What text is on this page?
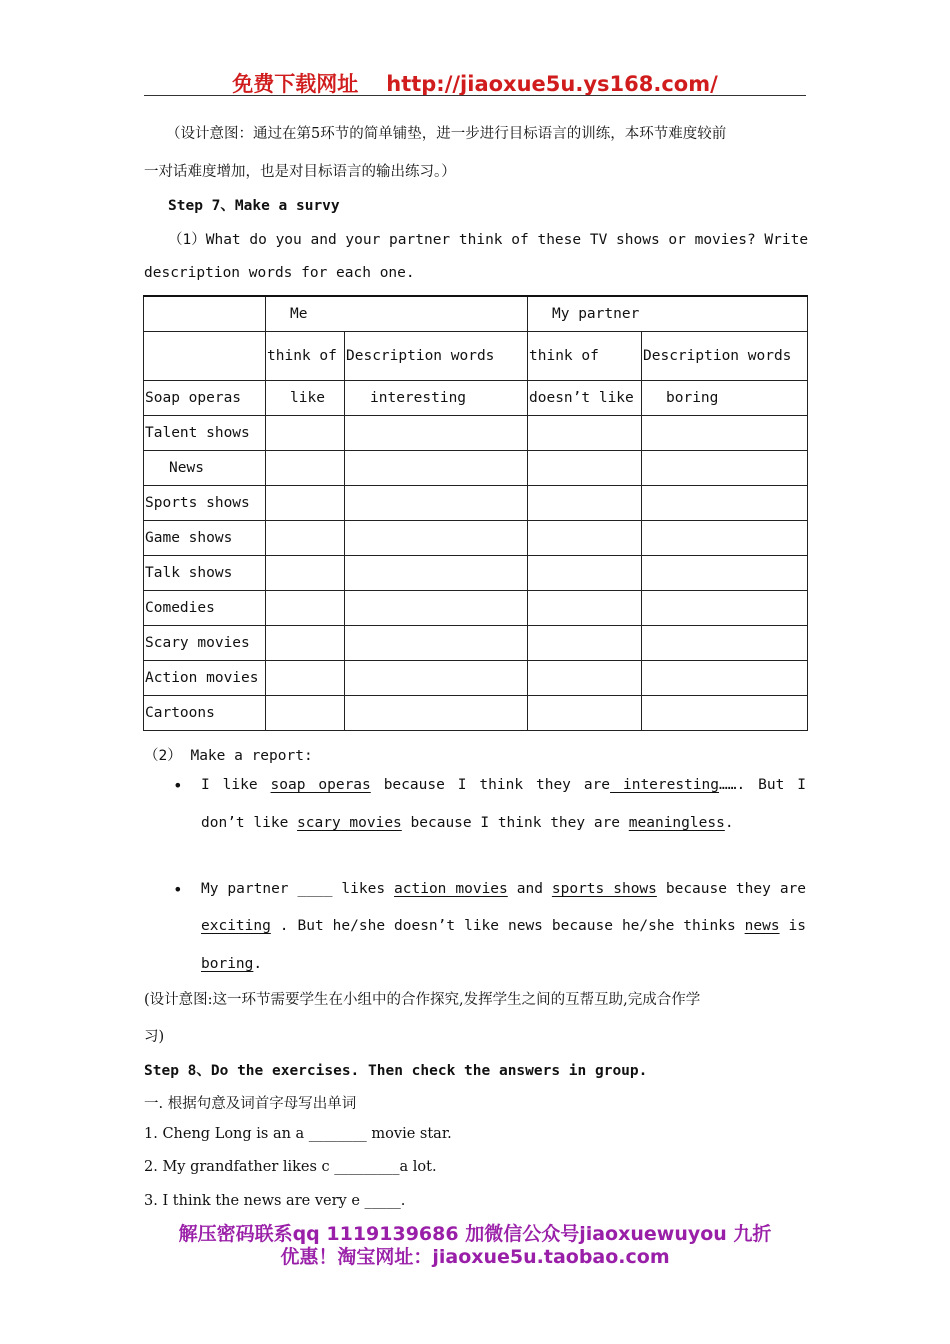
免费下载网址 http://jiaoxue5u.ys168.com/
（设计意图：通过在第5环节的简单铺垫，进一步进行目标语言的训练，本环节难度较前
一对话难度增加，也是对目标语言的输出练习。）
Step 7、Make a survy
（1）What do you and your partner think of these TV shows or movies? Write
description words for each one.
	Me		My partner	
	think of	Description words	think of	Description words
Soap operas	like	interesting	doesn’t like	boring
Talent shows				
News				
Sports shows				
Game shows				
Talk shows				
Comedies				
Scary movies				
Action movies				
Cartoons				
（2） Make a report:
• I like soap operas because I think they are interesting……. But I
don’t like scary movies because I think they are meaningless.
• My partner ____ likes action movies and sports shows because they are
exciting . But he/she doesn’t like news because he/she thinks news is
boring.
(设计意图:这一环节需要学生在小组中的合作探究,发挥学生之间的互帮互助,完成合作学
习)
Step 8、Do the exercises. Then check the answers in group.
一. 根据句意及词首字母写出单词
1. Cheng Long is an a ________ movie star.
2. My grandfather likes c _________a lot.
3. I think the news are very e _____.
解压密码联系qq 1119139686 加微信公众号jiaoxuewuyou 九折
优惠！淘宝网址：jiaoxue5u.taobao.com
